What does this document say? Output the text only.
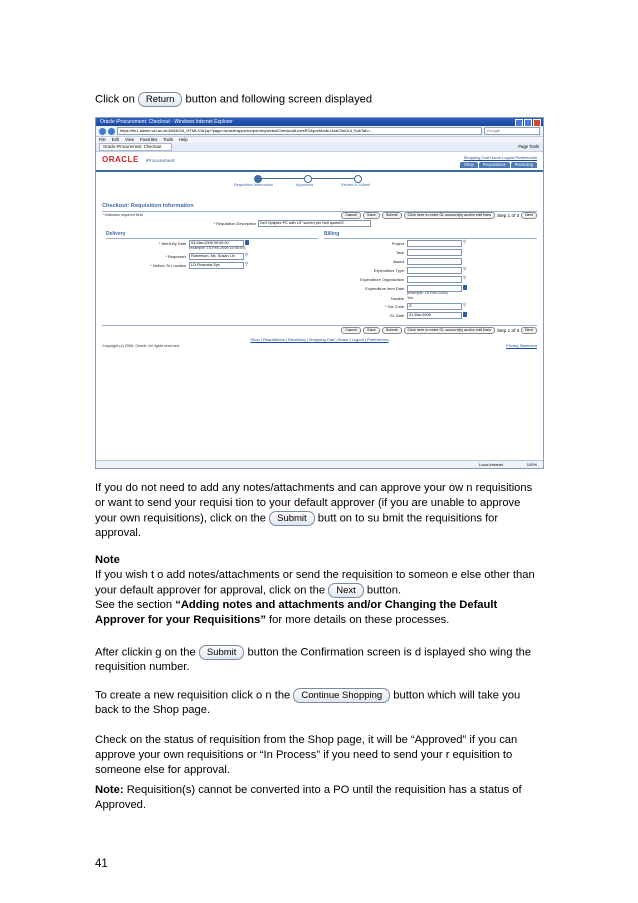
Click on Return button and following screen displayed
Oracle iProcurement: Checkout - Windows Internet Explorer
https://fin1.admin.ucl.ac.uk:8443/OA_HTML/OA.jsp?page=/oracle/apps/icx/por/req/webui/CheckoutLinesPG&porMode=&sbChkOut_SubTab=...	Google
File Edit View Favorites Tools Help
Oracle iProcurement: Checkout	Page Tools
ORACLE iProcurement
Shopping Cart Home Logout Preferences
Shop	Requisitions	Receiving
Requisition Information	Approvers	Review & Submit
Checkout: Requisition Information
* Indicates required field	Cancel	Save	Submit	Click here to enter GL account(s) and/or edit lines	Step 1 of 3	Next
* Requisition Description	Dell Optiplex PC with 19" screen per Dell quote02.
Delivery	Billing
* Need-By Date	03-Mar-2008 00:00:00
(example: 15-Feb-2008 10:45:00)
* Requester	Robertson, Ms. Susan Lin	⚲
* Deliver-To Location	LD-Financial Sys	⚲
Project	⚲
Task
Award
Expenditure Type	⚲
Expenditure Organization	⚲
Expenditure Item Date
(example: 15-Feb-2008)
Taxable Yes
* Tax Code	S	⚲
GL Date	01-Mar-2008
Cancel	Save	Submit	Click here to enter GL account(s) and/or edit lines	Step 1 of 3	Next
Copyright (c) 2006, Oracle. All rights reserved.	Privacy Statement
Shop | Requisitions | Receiving | Shopping Cart | Home | Logout | Preferences
Local intranet	100%
If you do not need to add any notes/attachments and can approve your ow n requisitions or want to send your requisi tion to your default approver (if you are unable to approve your own requisitions), click on the Submit butt on to su bmit the requisitions for approval.
Note
If you wish t o add notes/attachments or send the requisition to someon e else other than your default approver for approval, click on the Next button.
See the section “Adding notes and attachments and/or Changing the Default Approver for your Requisitions” for more details on these processes.
After clickin g on the Submit button the Confirmation screen is d isplayed sho wing the requisition number.
To create a new requisition click o n the Continue Shopping button which will take you back to the Shop page.
Check on the status of requisition from the Shop page, it will be “Approved” if you can approve your own requisitions or “In Process” if you need to send your r equisition to someone else for approval.
Note: Requisition(s) cannot be converted into a PO until the requisition has a status of Approved.
41
